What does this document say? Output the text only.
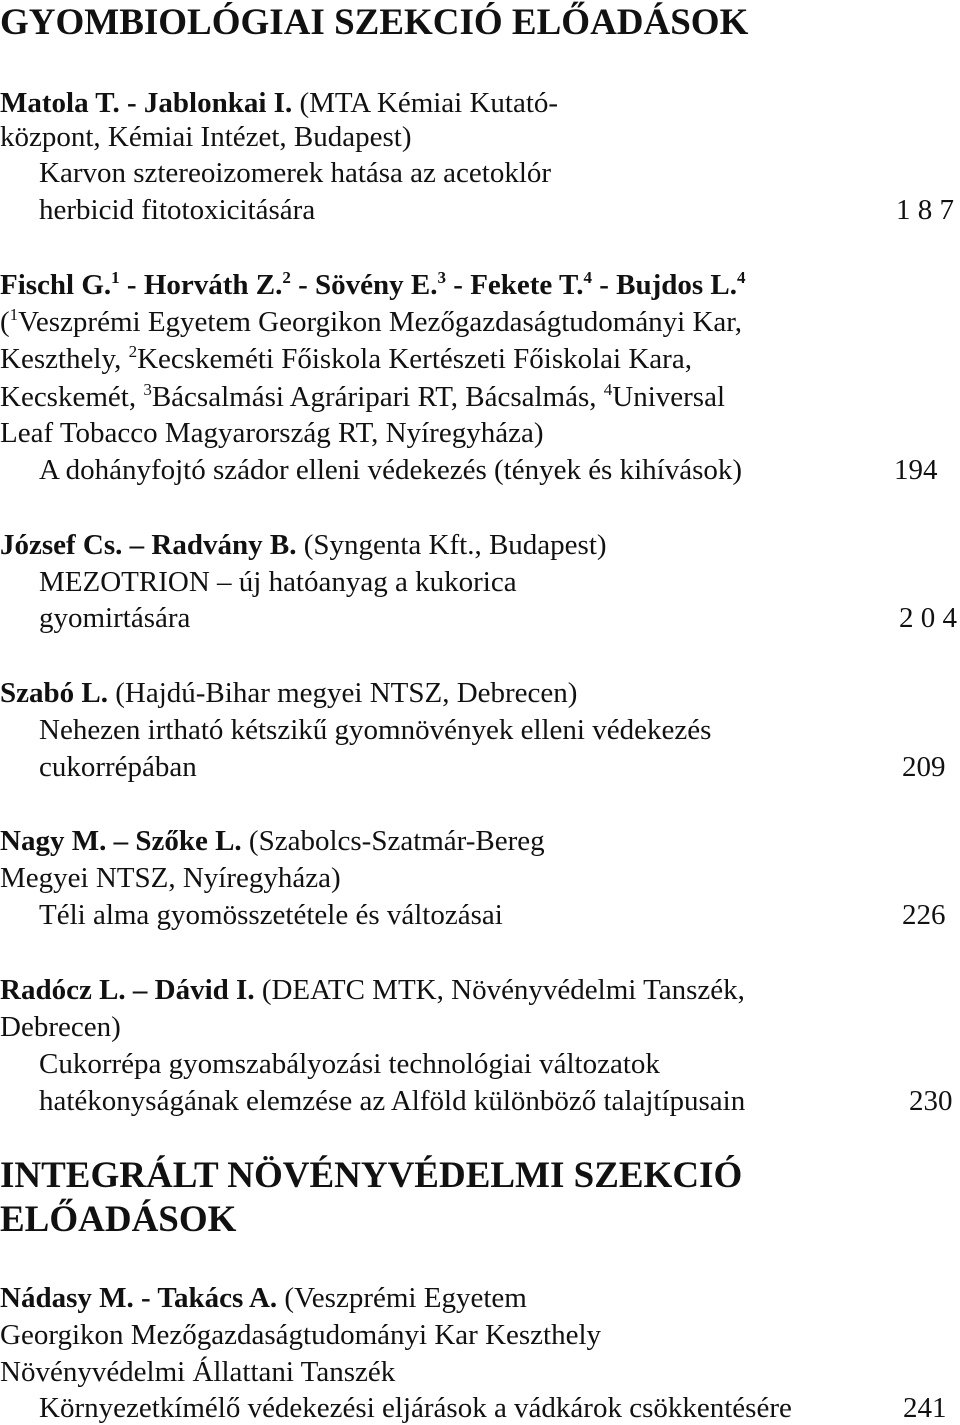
GYOMBIOLÓGIAI SZEKCIÓ ELŐADÁSOK
Matola T. - Jablonkai I. (MTA Kémiai Kutató-
központ, Kémiai Intézet, Budapest)
Karvon sztereoizomerek hatása az acetoklór
herbicid fitotoxicitására	1 8 7
Fischl G.$^1$ - Horváth Z.$^2$ - Sövény E.$^3$ - Fekete T.$^4$ - Bujdos L.$^4$
($^1$Veszprémi Egyetem Georgikon Mezőgazdaságtudományi Kar,
Keszthely, $^2$Kecskeméti Főiskola Kertészeti Főiskolai Kara,
Kecskemét, $^3$Bácsalmási Agráripari RT, Bácsalmás, $^4$Universal
Leaf Tobacco Magyarország RT, Nyíregyháza)
A dohányfojtó szádor elleni védekezés (tények és kihívások)	194
József Cs. – Radvány B. (Syngenta Kft., Budapest)
MEZOTRION – új hatóanyag a kukorica
gyomirtására	2 0 4
Szabó L. (Hajdú-Bihar megyei NTSZ, Debrecen)
Nehezen irtható kétszikű gyomnövények elleni védekezés
cukorrépában	209
Nagy M. – Szőke L. (Szabolcs-Szatmár-Bereg
Megyei NTSZ, Nyíregyháza)
Téli alma gyomösszetétele és változásai	226
Radócz L. – Dávid I. (DEATC MTK, Növényvédelmi Tanszék,
Debrecen)
Cukorrépa gyomszabályozási technológiai változatok
hatékonyságának elemzése az Alföld különböző talajtípusain	230
INTEGRÁLT NÖVÉNYVÉDELMI SZEKCIÓ
ELŐADÁSOK
Nádasy M. - Takács A. (Veszprémi Egyetem
Georgikon Mezőgazdaságtudományi Kar Keszthely
Növényvédelmi Állattani Tanszék
Környezetkímélő védekezési eljárások a vádkárok csökkentésére	241
